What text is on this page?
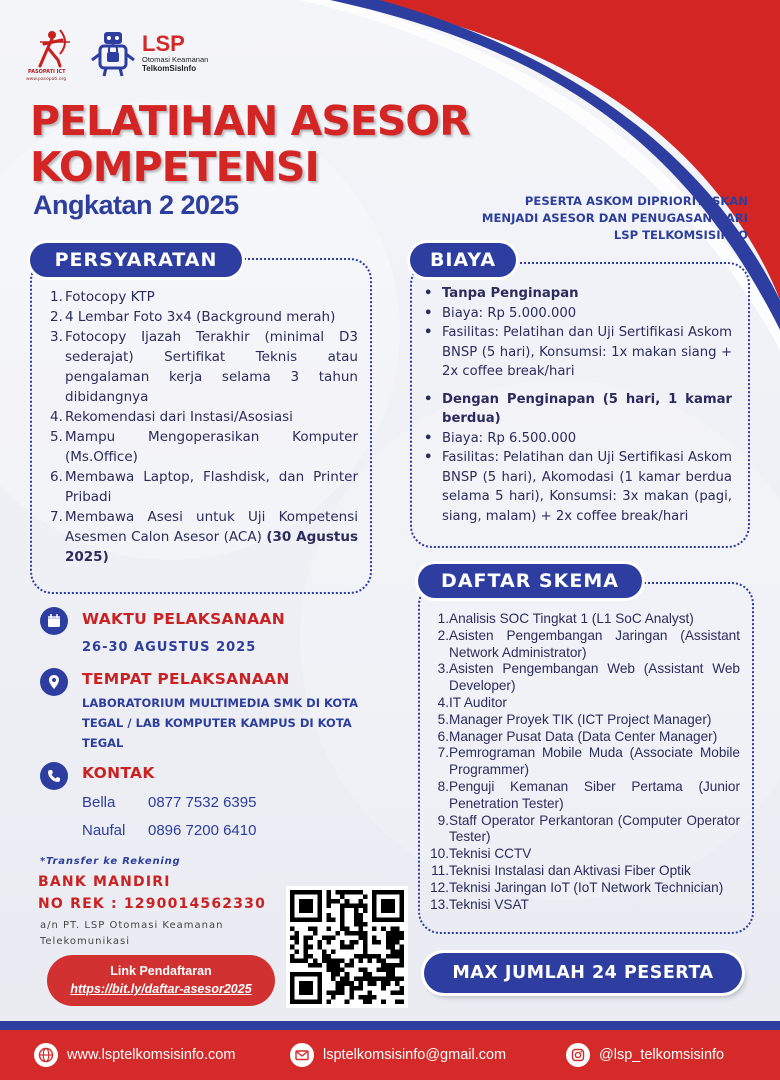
PASOPATI ICT
www.pasopati.org
LSP
Otomasi Keamanan
TelkomSisInfo
PELATIHAN ASESOR
KOMPETENSI
Angkatan 2 2025	PESERTA ASKOM DIPRIORITASKAN
MENJADI ASESOR DAN PENUGASAN DARI
LSP TELKOMSISINFO
PERSYARATAN
1. Fotocopy KTP
2. 4 Lembar Foto 3x4 (Background merah)
3. Fotocopy Ijazah Terakhir (minimal D3 sederajat) Sertifikat Teknis atau pengalaman kerja selama 3 tahun dibidangnya
4. Rekomendasi dari Instasi/Asosiasi
5. Mampu Mengoperasikan Komputer (Ms.Office)
6. Membawa Laptop, Flashdisk, dan Printer Pribadi
7. Membawa Asesi untuk Uji Kompetensi Asesmen Calon Asesor (ACA) (30 Agustus 2025)
BIAYA
• Tanpa Penginapan
• Biaya: Rp 5.000.000
• Fasilitas: Pelatihan dan Uji Sertifikasi Askom BNSP (5 hari), Konsumsi: 1x makan siang + 2x coffee break/hari
• Dengan Penginapan (5 hari, 1 kamar berdua)
• Biaya: Rp 6.500.000
• Fasilitas: Pelatihan dan Uji Sertifikasi Askom BNSP (5 hari), Akomodasi (1 kamar berdua selama 5 hari), Konsumsi: 3x makan (pagi, siang, malam) + 2x coffee break/hari
DAFTAR SKEMA
1. Analisis SOC Tingkat 1 (L1 SoC Analyst)
2. Asisten Pengembangan Jaringan (Assistant Network Administrator)
3. Asisten Pengembangan Web (Assistant Web Developer)
4. IT Auditor
5. Manager Proyek TIK (ICT Project Manager)
6. Manager Pusat Data (Data Center Manager)
7. Pemrograman Mobile Muda (Associate Mobile Programmer)
8. Penguji Kemanan Siber Pertama (Junior Penetration Tester)
9. Staff Operator Perkantoran (Computer Operator Tester)
10. Teknisi CCTV
11. Teknisi Instalasi dan Aktivasi Fiber Optik
12. Teknisi Jaringan IoT (IoT Network Technician)
13. Teknisi VSAT
WAKTU PELAKSANAAN
26-30 AGUSTUS 2025
TEMPAT PELAKSANAAN
LABORATORIUM MULTIMEDIA SMK DI KOTA TEGAL / LAB KOMPUTER KAMPUS DI KOTA TEGAL
KONTAK
Bella 0877 7532 6395
Naufal 0896 7200 6410
*Transfer ke Rekening
BANK MANDIRI
NO REK : 1290014562330
a/n PT. LSP Otomasi Keamanan Telekomunikasi
Link Pendaftaran
https://bit.ly/daftar-asesor2025
MAX JUMLAH 24 PESERTA
www.lsptelkomsisinfo.com	lsptelkomsisinfo@gmail.com	@lsp_telkomsisinfo
